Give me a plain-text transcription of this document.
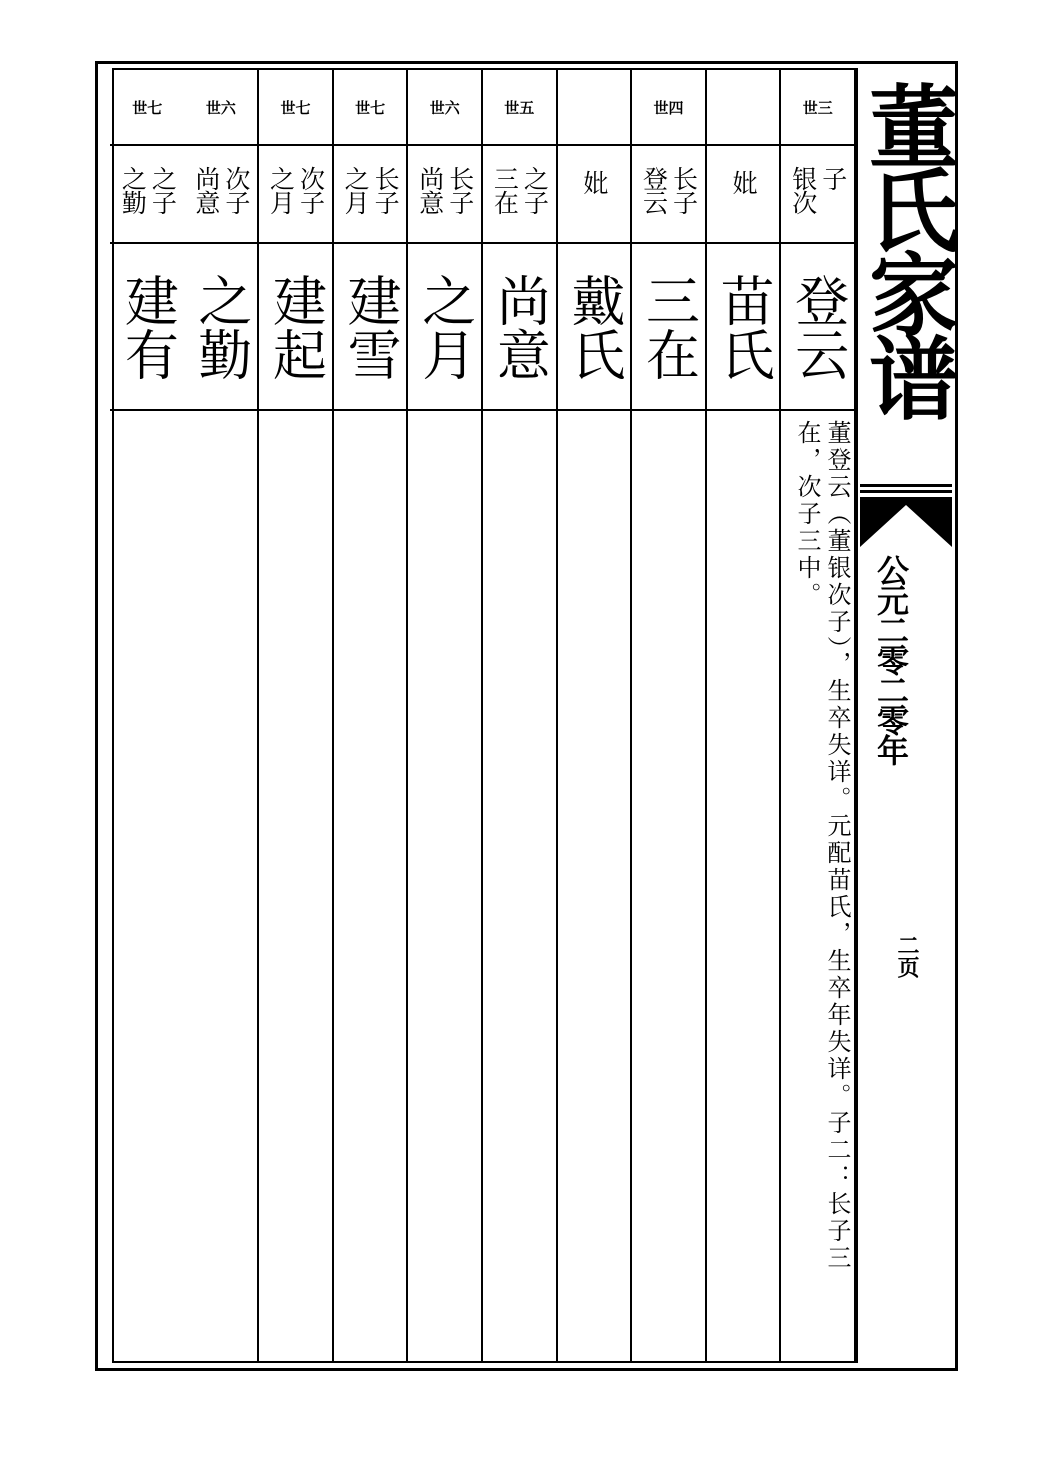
世三
银次 子
登云
董登云（董银次子），生卒失详。元配苗氏，生卒年失详。子二：长子三
在，次子三中。
妣
苗氏
世四
登云 长子
三在
妣
戴氏
世五
三在 之子
尚意
世六
尚意 长子
之月
世七
之月 长子
建雪
世七
之月 次子
建起
世六
尚意 次子
之勤
世七
之勤 之子
建有	董氏家谱
公元二零二零年
二页
